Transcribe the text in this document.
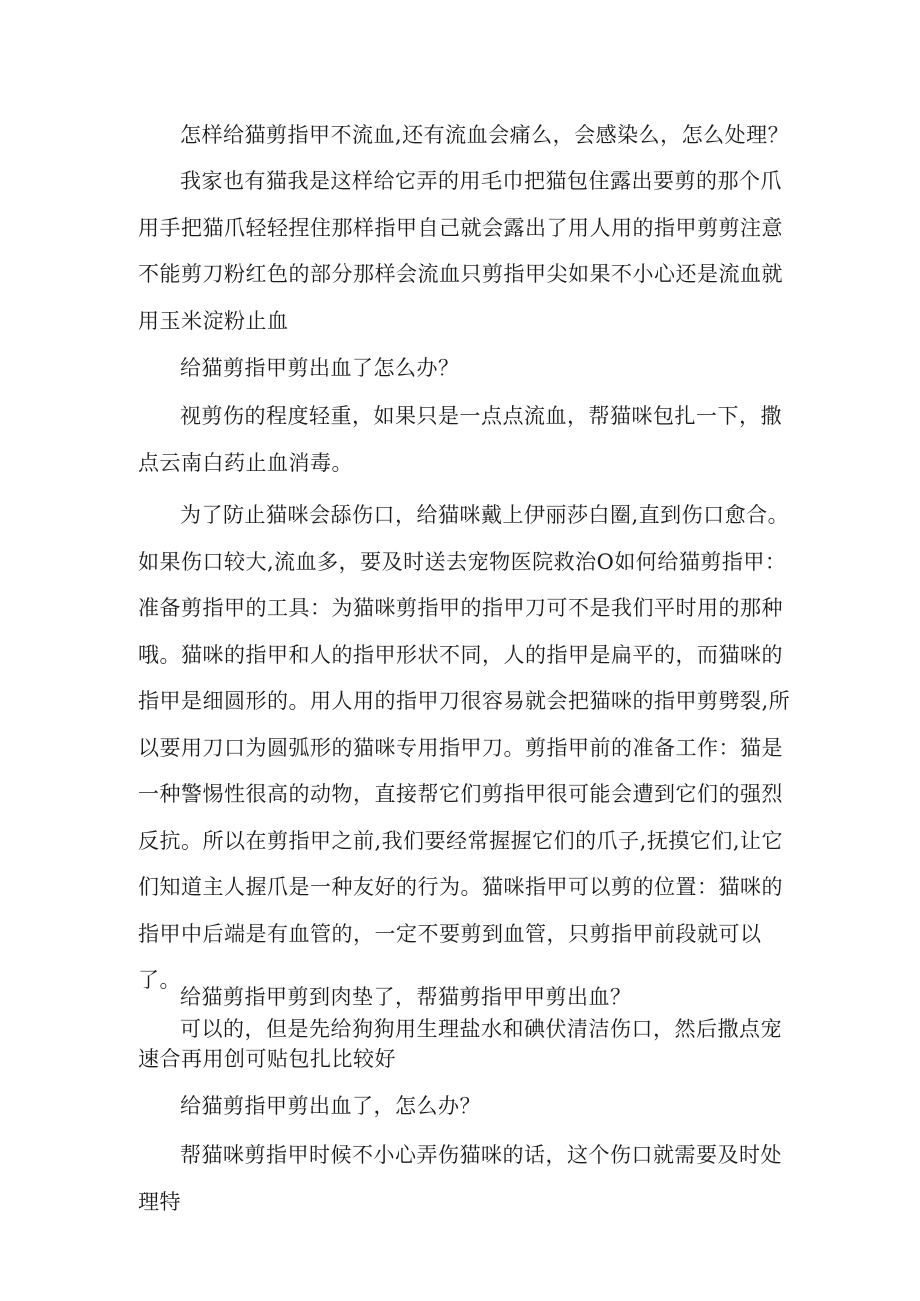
怎样给猫剪指甲不流血,还有流血会痛么，会感染么，怎么处理？

我家也有猫我是这样给它弄的用毛巾把猫包住露出要剪的那个爪用手把猫爪轻轻捏住那样指甲自己就会露出了用人用的指甲剪剪注意不能剪刀粉红色的部分那样会流血只剪指甲尖如果不小心还是流血就用玉米淀粉止血

给猫剪指甲剪出血了怎么办？

视剪伤的程度轻重，如果只是一点点流血，帮猫咪包扎一下，撒点云南白药止血消毒。

为了防止猫咪会舔伤口，给猫咪戴上伊丽莎白圈,直到伤口愈合。如果伤口较大,流血多，要及时送去宠物医院救治O如何给猫剪指甲：准备剪指甲的工具：为猫咪剪指甲的指甲刀可不是我们平时用的那种哦。猫咪的指甲和人的指甲形状不同，人的指甲是扁平的，而猫咪的指甲是细圆形的。用人用的指甲刀很容易就会把猫咪的指甲剪劈裂,所以要用刀口为圆弧形的猫咪专用指甲刀。剪指甲前的准备工作：猫是一种警惕性很高的动物，直接帮它们剪指甲很可能会遭到它们的强烈反抗。所以在剪指甲之前,我们要经常握握它们的爪子,抚摸它们,让它们知道主人握爪是一种友好的行为。猫咪指甲可以剪的位置：猫咪的指甲中后端是有血管的，一定不要剪到血管，只剪指甲前段就可以了。

给猫剪指甲剪到肉垫了，帮猫剪指甲甲剪出血？

可以的，但是先给狗狗用生理盐水和碘伏清洁伤口，然后撒点宠速合再用创可贴包扎比较好

给猫剪指甲剪出血了，怎么办？

帮猫咪剪指甲时候不小心弄伤猫咪的话，这个伤口就需要及时处理特
